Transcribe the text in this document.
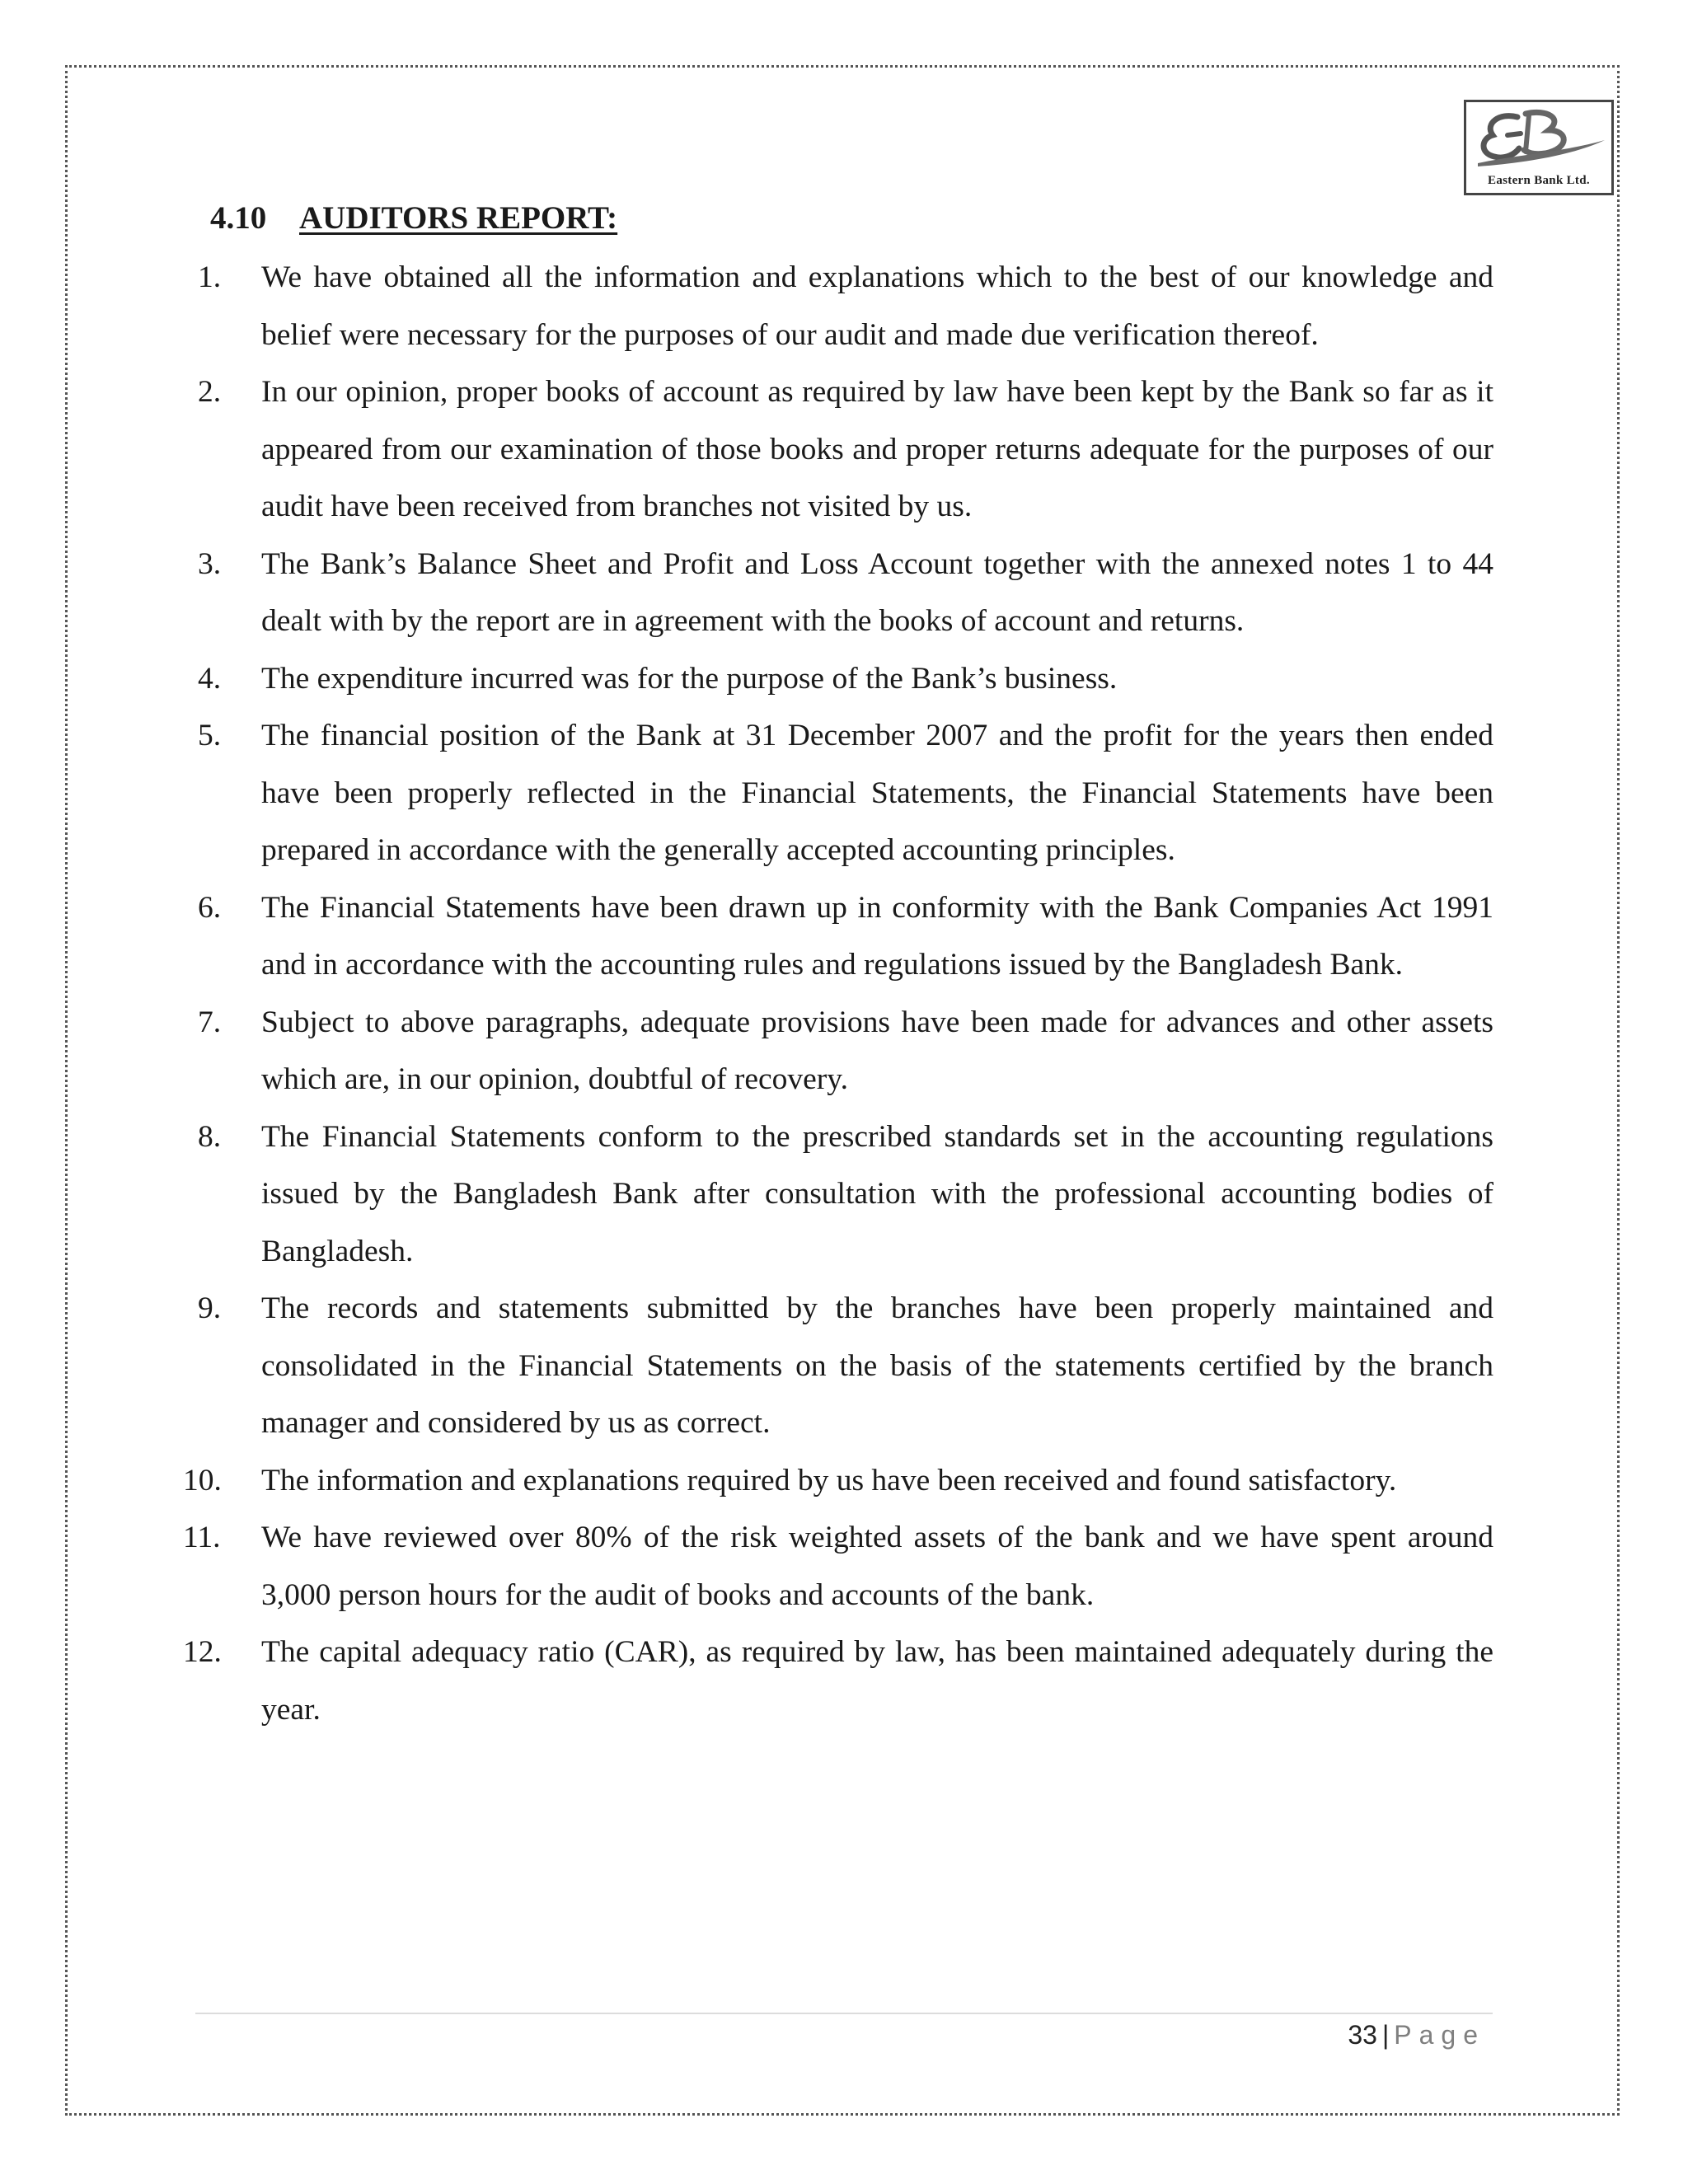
Eastern Bank Ltd.
4.10 AUDITORS REPORT:
1. We have obtained all the information and explanations which to the best of our knowledge and belief were necessary for the purposes of our audit and made due verification thereof.
2. In our opinion, proper books of account as required by law have been kept by the Bank so far as it appeared from our examination of those books and proper returns adequate for the purposes of our audit have been received from branches not visited by us.
3. The Bank’s Balance Sheet and Profit and Loss Account together with the annexed notes 1 to 44 dealt with by the report are in agreement with the books of account and returns.
4. The expenditure incurred was for the purpose of the Bank’s business.
5. The financial position of the Bank at 31 December 2007 and the profit for the years then ended have been properly reflected in the Financial Statements, the Financial Statements have been prepared in accordance with the generally accepted accounting principles.
6. The Financial Statements have been drawn up in conformity with the Bank Companies Act 1991 and in accordance with the accounting rules and regulations issued by the Bangladesh Bank.
7. Subject to above paragraphs, adequate provisions have been made for advances and other assets which are, in our opinion, doubtful of recovery.
8. The Financial Statements conform to the prescribed standards set in the accounting regulations issued by the Bangladesh Bank after consultation with the professional accounting bodies of Bangladesh.
9. The records and statements submitted by the branches have been properly maintained and consolidated in the Financial Statements on the basis of the statements certified by the branch manager and considered by us as correct.
10. The information and explanations required by us have been received and found satisfactory.
11. We have reviewed over 80% of the risk weighted assets of the bank and we have spent around 3,000 person hours for the audit of books and accounts of the bank.
12. The capital adequacy ratio (CAR), as required by law, has been maintained adequately during the year.
33 | Page
